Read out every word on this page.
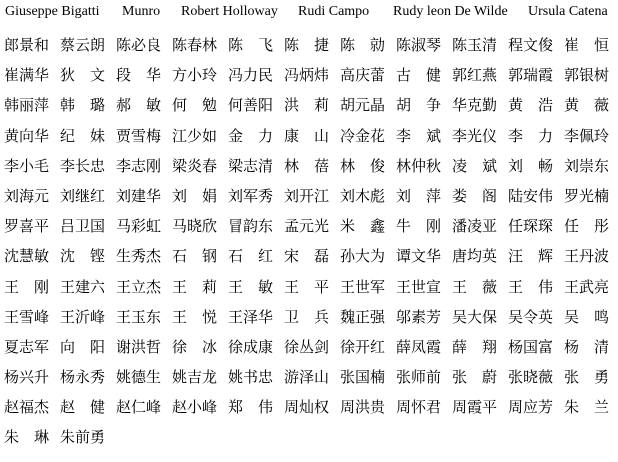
Giuseppe Bigatti Munro Robert Holloway Rudi Campo Rudy leon De Wilde Ursula Catena
郎景和 蔡云朗 陈必良 陈春林 陈　飞 陈　捷 陈　勍 陈淑琴 陈玉清 程文俊 崔　恒
崔满华 狄　文 段　华 方小玲 冯力民 冯炳炜 高庆蕾 古　健 郭红燕 郭瑞霞 郭银树
韩丽萍 韩　璐 郝　敏 何　勉 何善阳 洪　莉 胡元晶 胡　争 华克勤 黄　浩 黄　薇
黄向华 纪　妹 贾雪梅 江少如 金　力 康　山 冷金花 李　斌 李光仪 李　力 李佩玲
李小毛 李长忠 李志刚 梁炎春 梁志清 林　蓓 林　俊 林仲秋 凌　斌 刘　畅 刘崇东
刘海元 刘继红 刘建华 刘　娟 刘军秀 刘开江 刘木彪 刘　萍 娄　阁 陆安伟 罗光楠
罗喜平 吕卫国 马彩虹 马晓欣 冒韵东 孟元光 米　鑫 牛　刚 潘凌亚 任琛琛 任　彤
沈慧敏 沈　铿 生秀杰 石　钢 石　红 宋　磊 孙大为 谭文华 唐均英 汪　辉 王丹波
王　刚 王建六 王立杰 王　莉 王　敏 王　平 王世军 王世宣 王　薇 王　伟 王武亮
王雪峰 王沂峰 王玉东 王　悦 王泽华 卫　兵 魏正强 邬素芳 吴大保 吴令英 吴　鸣
夏志军 向　阳 谢洪哲 徐　冰 徐成康 徐丛剑 徐开红 薛凤霞 薛　翔 杨国富 杨　清
杨兴升 杨永秀 姚德生 姚吉龙 姚书忠 游泽山 张国楠 张师前 张　蔚 张晓薇 张　勇
赵福杰 赵　健 赵仁峰 赵小峰 郑　伟 周灿权 周洪贵 周怀君 周霞平 周应芳 朱　兰
朱　琳 朱前勇
